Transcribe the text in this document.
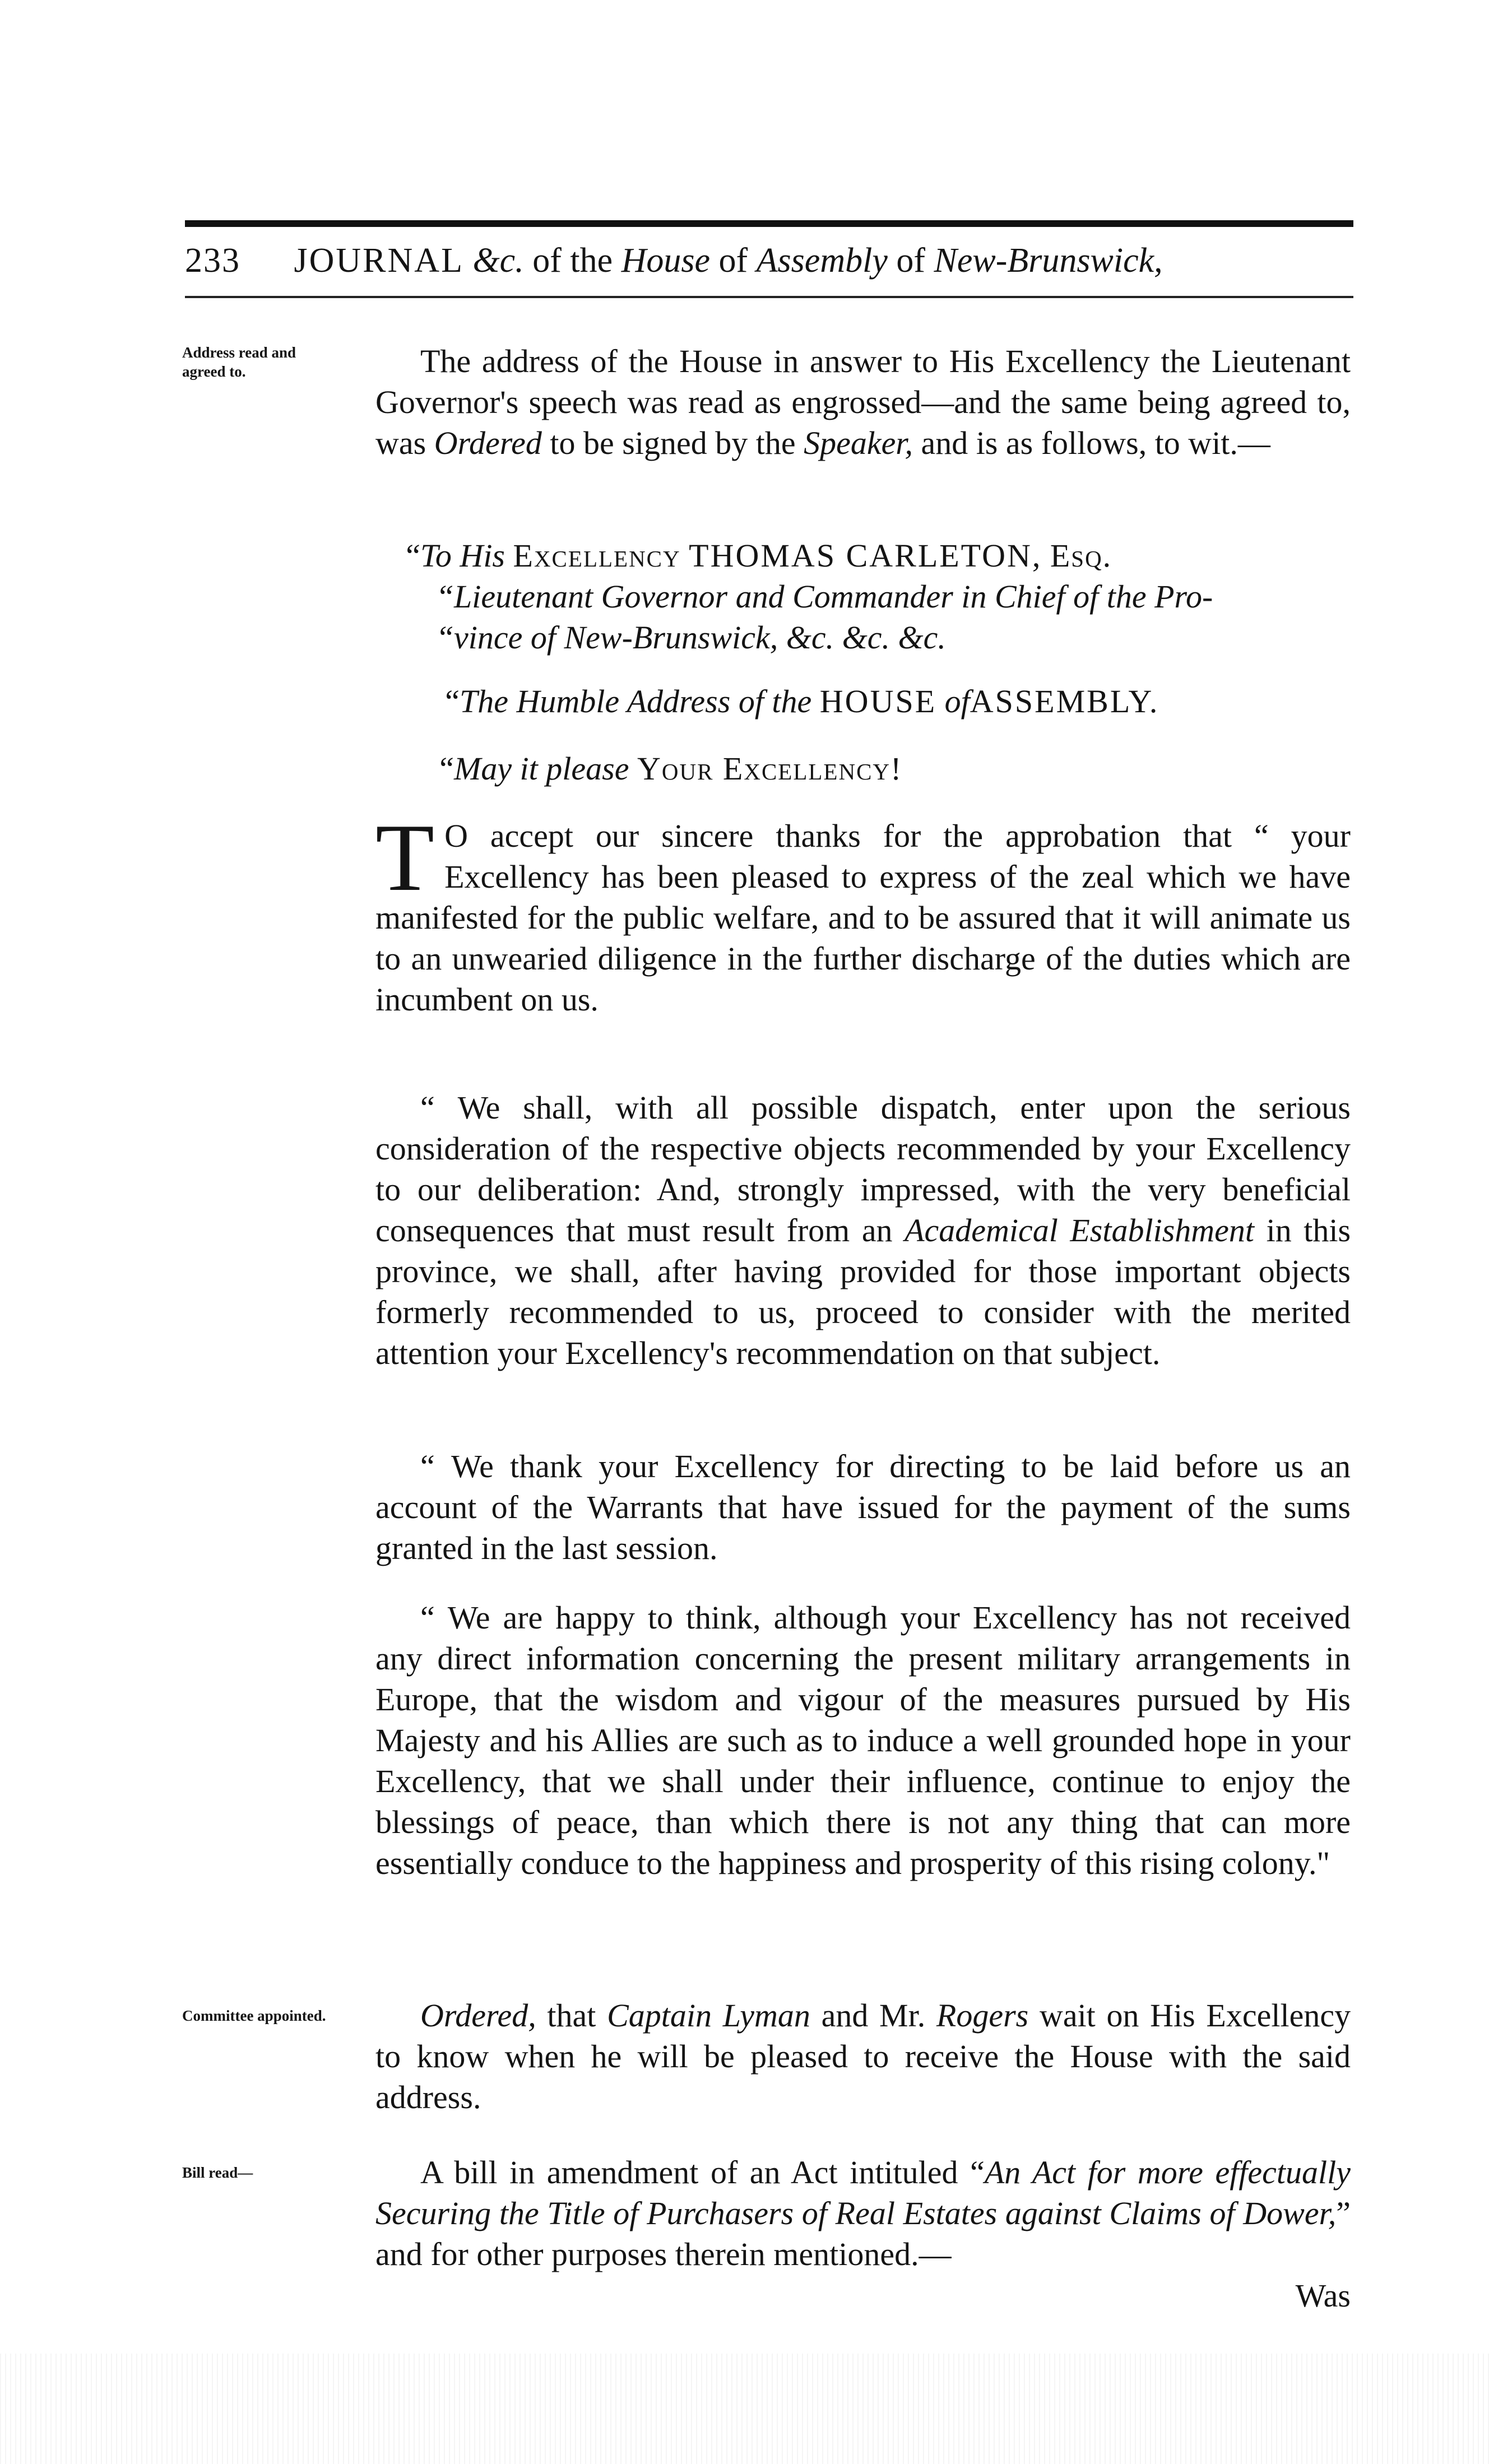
233 JOURNAL &c. of the House of Assembly of New-Brunswick,
Address read and agreed to.
Committee appointed.
Bill read—

The address of the House in answer to His Excellency the Lieutenant Governor's speech was read as engrossed—and the same being agreed to, was Ordered to be signed by the Speaker, and is as follows, to wit.—

“To His Excellency THOMAS CARLETON, Esq.
“Lieutenant Governor and Commander in Chief of the Pro-
“vince of New-Brunswick, &c. &c. &c.
“The Humble Address of the HOUSE ofASSEMBLY.
“May it please Your Excellency!

T O accept our sincere thanks for the approbation that “ your Excellency has been pleased to express of the zeal which we have manifested for the public welfare, and to be assured that it will animate us to an unwearied diligence in the further discharge of the duties which are incumbent on us.

“ We shall, with all possible dispatch, enter upon the serious consideration of the respective objects recommended by your Excellency to our deliberation: And, strongly impressed, with the very beneficial consequences that must result from an Academical Establishment in this province, we shall, after having provided for those important objects formerly recommended to us, proceed to consider with the merited attention your Excellency's recommendation on that subject.

“ We thank your Excellency for directing to be laid before us an account of the Warrants that have issued for the payment of the sums granted in the last session.

“ We are happy to think, although your Excellency has not received any direct information concerning the present military arrangements in Europe, that the wisdom and vigour of the measures pursued by His Majesty and his Allies are such as to induce a well grounded hope in your Excellency, that we shall under their influence, continue to enjoy the blessings of peace, than which there is not any thing that can more essentially conduce to the happiness and prosperity of this rising colony."

Ordered, that Captain Lyman and Mr. Rogers wait on His Excellency to know when he will be pleased to receive the House with the said address.

A bill in amendment of an Act intituled “An Act for more effectually Securing the Title of Purchasers of Real Estates against Claims of Dower,” and for other purposes therein mentioned.—

Was
